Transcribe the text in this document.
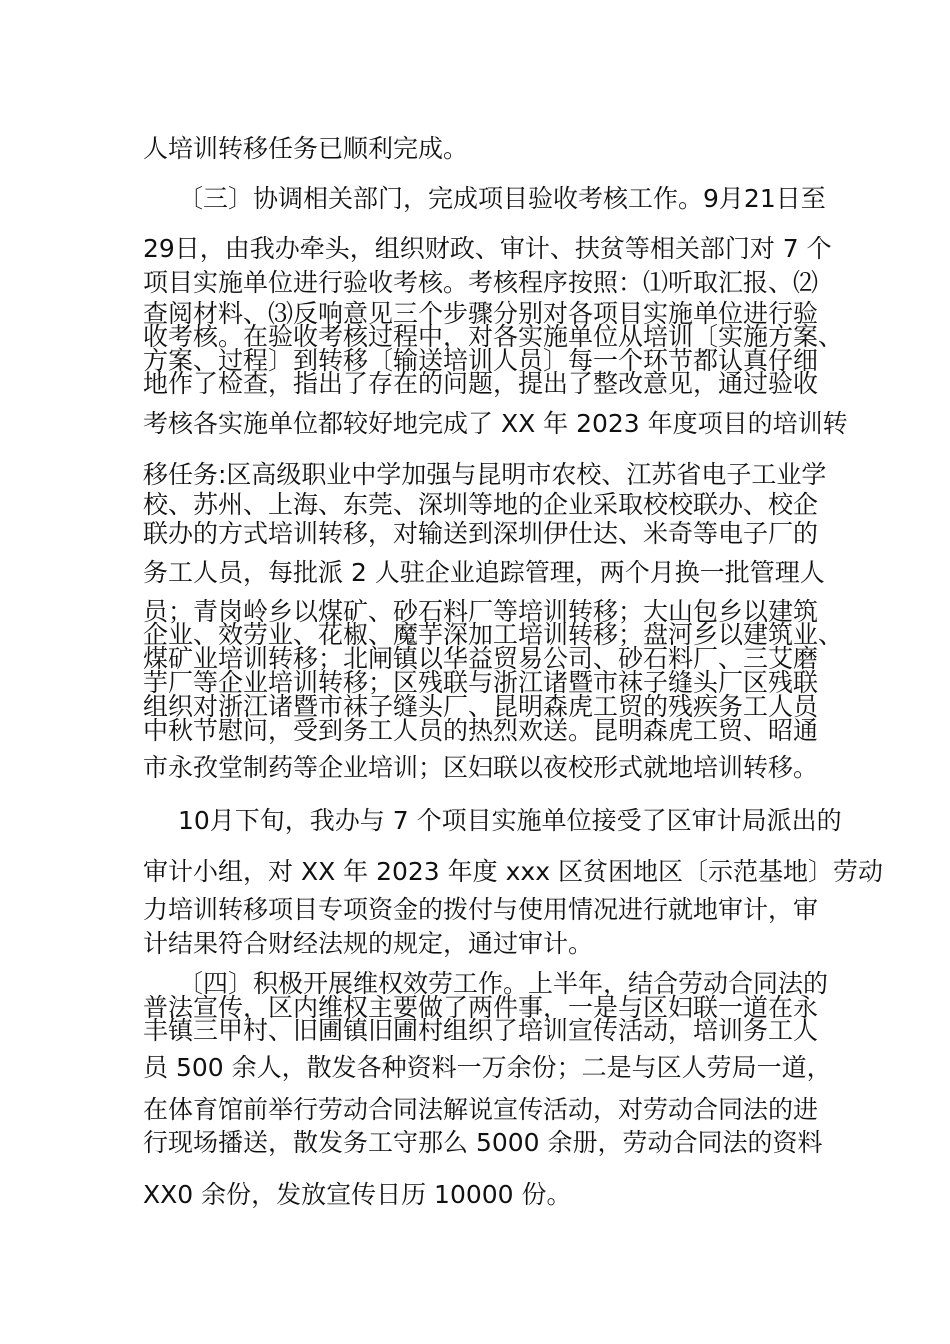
人培训转移任务已顺利完成。
〔三〕协调相关部门，完成项目验收考核工作。9月21日至
29日，由我办牵头，组织财政、审计、扶贫等相关部门对 7 个
项目实施单位进行验收考核。考核程序按照：⑴听取汇报、⑵
查阅材料、⑶反响意见三个步骤分别对各项目实施单位进行验
收考核。在验收考核过程中，对各实施单位从培训〔实施方案、
方案、过程〕到转移〔输送培训人员〕每一个环节都认真仔细
地作了检查，指出了存在的问题，提出了整改意见，通过验收
考核各实施单位都较好地完成了 XX 年 2023 年度项目的培训转
移任务:区高级职业中学加强与昆明市农校、江苏省电子工业学
校、苏州、上海、东莞、深圳等地的企业采取校校联办、校企
联办的方式培训转移，对输送到深圳伊仕达、米奇等电子厂的
务工人员，每批派 2 人驻企业追踪管理，两个月换一批管理人
员；青岗岭乡以煤矿、砂石料厂等培训转移；大山包乡以建筑
企业、效劳业、花椒、魔芋深加工培训转移；盘河乡以建筑业、
煤矿业培训转移；北闸镇以华益贸易公司、砂石料厂、三艾磨
芋厂等企业培训转移；区残联与浙江诸暨市袜子缝头厂区残联
组织对浙江诸暨市袜子缝头厂、昆明森虎工贸的残疾务工人员
中秋节慰问，受到务工人员的热烈欢送。昆明森虎工贸、昭通
市永孜堂制药等企业培训；区妇联以夜校形式就地培训转移。
10月下旬，我办与 7 个项目实施单位接受了区审计局派出的
审计小组，对 XX 年 2023 年度 xxx 区贫困地区〔示范基地〕劳动
力培训转移项目专项资金的拨付与使用情况进行就地审计，审
计结果符合财经法规的规定，通过审计。
〔四〕积极开展维权效劳工作。上半年，结合劳动合同法的
普法宣传，区内维权主要做了两件事，一是与区妇联一道在永
丰镇三甲村、旧圃镇旧圃村组织了培训宣传活动，培训务工人
员 500 余人，散发各种资料一万余份；二是与区人劳局一道，
在体育馆前举行劳动合同法解说宣传活动，对劳动合同法的进
行现场播送，散发务工守那么 5000 余册，劳动合同法的资料
XX0 余份，发放宣传日历 10000 份。
